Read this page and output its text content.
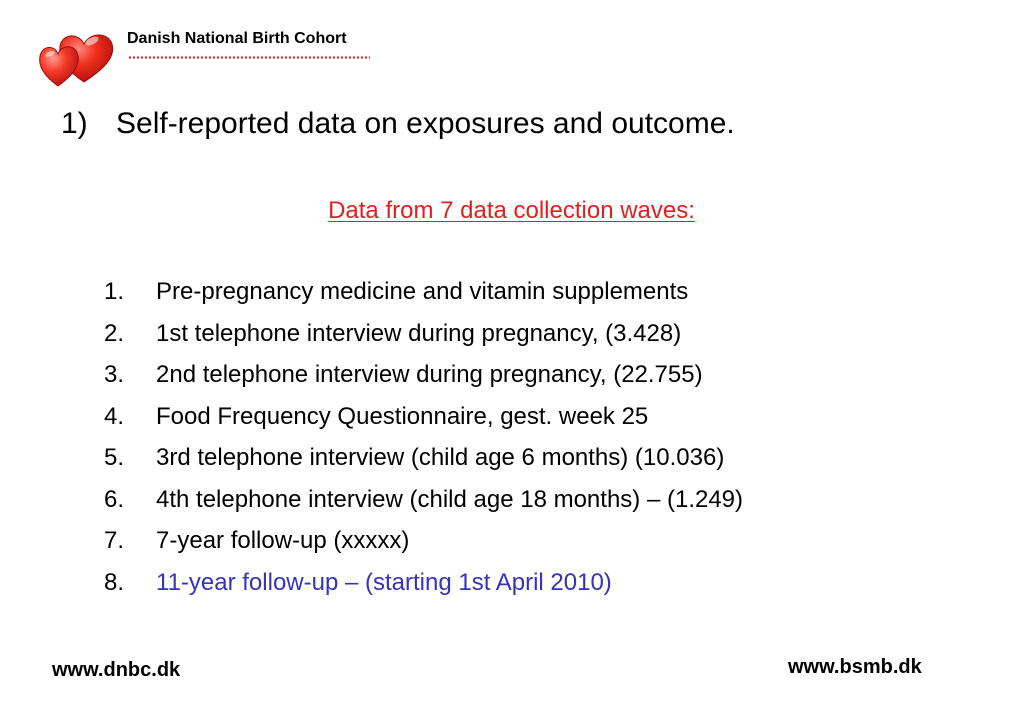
Danish National Birth Cohort
1) Self-reported data on exposures and outcome.
Data from 7 data collection waves:
1.	Pre-pregnancy medicine and vitamin supplements
2.	1st telephone interview during pregnancy, (3.428)
3.	2nd telephone interview during pregnancy, (22.755)
4.	Food Frequency Questionnaire, gest. week 25
5.	3rd telephone interview (child age 6 months) (10.036)
6.	4th telephone interview (child age 18 months) – (1.249)
7.	7-year follow-up (xxxxx)
8.	11-year follow-up – (starting 1st April 2010)
www.dnbc.dk	www.bsmb.dk
